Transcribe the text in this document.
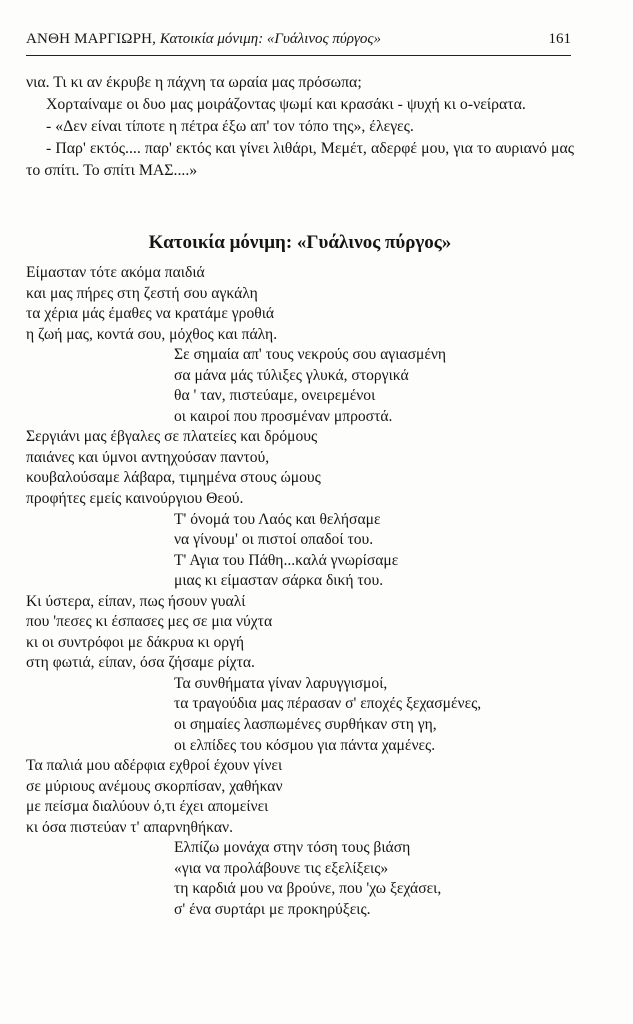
ΑΝΘΗ ΜΑΡΓΙΩΡΗ, Κατοικία μόνιμη: «Γυάλινος πύργος»	161

νια. Τι κι αν έκρυβε η πάχνη τα ωραία μας πρόσωπα;

Χορταίναμε οι δυο μας μοιράζοντας ψωμί και κρασάκι - ψυχή κι ο-νείρατα.

- «Δεν είναι τίποτε η πέτρα έξω απ' τον τόπο της», έλεγες.

- Παρ' εκτός.... παρ' εκτός και γίνει λιθάρι, Μεμέτ, αδερφέ μου, για το αυριανό μας το σπίτι. Το σπίτι ΜΑΣ....»

Κατοικία μόνιμη: «Γυάλινος πύργος»
Είμασταν τότε ακόμα παιδιά
και μας πήρες στη ζεστή σου αγκάλη
τα χέρια μάς έμαθες να κρατάμε γροθιά
η ζωή μας, κοντά σου, μόχθος και πάλη.
Σε σημαία απ' τους νεκρούς σου αγιασμένη
σα μάνα μάς τύλιξες γλυκά, στοργικά
θα ' ταν, πιστεύαμε, ονειρεμένοι
οι καιροί που προσμέναν μπροστά.
Σεργιάνι μας έβγαλες σε πλατείες και δρόμους
παιάνες και ύμνοι αντηχούσαν παντού,
κουβαλούσαμε λάβαρα, τιμημένα στους ώμους
προφήτες εμείς καινούργιου Θεού.
Τ' όνομά του Λαός και θελήσαμε
να γίνουμ' οι πιστοί οπαδοί του.
Τ' Αγια του Πάθη...καλά γνωρίσαμε
μιας κι είμασταν σάρκα δική του.
Κι ύστερα, είπαν, πως ήσουν γυαλί
που 'πεσες κι έσπασες μες σε μια νύχτα
κι οι συντρόφοι με δάκρυα κι οργή
στη φωτιά, είπαν, όσα ζήσαμε ρίχτα.
Τα συνθήματα γίναν λαρυγγισμοί,
τα τραγούδια μας πέρασαν σ' εποχές ξεχασμένες,
οι σημαίες λασπωμένες συρθήκαν στη γη,
οι ελπίδες του κόσμου για πάντα χαμένες.
Τα παλιά μου αδέρφια εχθροί έχουν γίνει
σε μύριους ανέμους σκορπίσαν, χαθήκαν
με πείσμα διαλύουν ό,τι έχει απομείνει
κι όσα πιστεύαν τ' απαρνηθήκαν.
Ελπίζω μονάχα στην τόση τους βιάση
«για να προλάβουνε τις εξελίξεις»
τη καρδιά μου να βρούνε, που 'χω ξεχάσει,
σ' ένα συρτάρι με προκηρύξεις.
